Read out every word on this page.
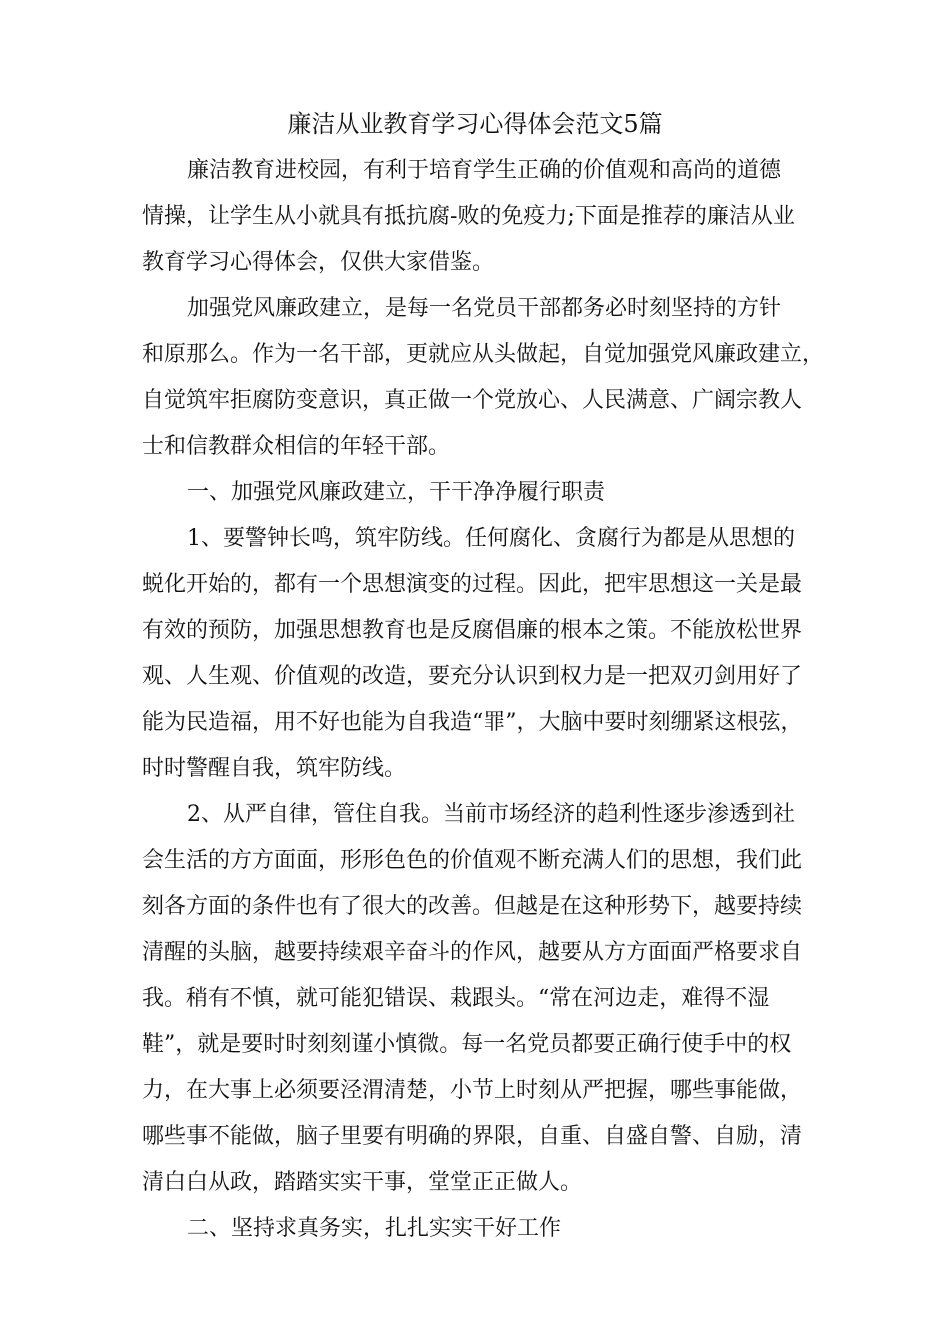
廉洁从业教育学习心得体会范文5篇
廉洁教育进校园，有利于培育学生正确的价值观和高尚的道德
情操，让学生从小就具有抵抗腐-败的免疫力;下面是推荐的廉洁从业
教育学习心得体会，仅供大家借鉴。
加强党风廉政建立，是每一名党员干部都务必时刻坚持的方针
和原那么。作为一名干部，更就应从头做起，自觉加强党风廉政建立，
自觉筑牢拒腐防变意识，真正做一个党放心、人民满意、广阔宗教人
士和信教群众相信的年轻干部。
一、加强党风廉政建立，干干净净履行职责
1、要警钟长鸣，筑牢防线。任何腐化、贪腐行为都是从思想的
蜕化开始的，都有一个思想演变的过程。因此，把牢思想这一关是最
有效的预防，加强思想教育也是反腐倡廉的根本之策。不能放松世界
观、人生观、价值观的改造，要充分认识到权力是一把双刃剑用好了
能为民造福，用不好也能为自我造“罪”，大脑中要时刻绷紧这根弦，
时时警醒自我，筑牢防线。
2、从严自律，管住自我。当前市场经济的趋利性逐步渗透到社
会生活的方方面面，形形色色的价值观不断充满人们的思想，我们此
刻各方面的条件也有了很大的改善。但越是在这种形势下，越要持续
清醒的头脑，越要持续艰辛奋斗的作风，越要从方方面面严格要求自
我。稍有不慎，就可能犯错误、栽跟头。“常在河边走，难得不湿
鞋”，就是要时时刻刻谨小慎微。每一名党员都要正确行使手中的权
力，在大事上必须要泾渭清楚，小节上时刻从严把握，哪些事能做，
哪些事不能做，脑子里要有明确的界限，自重、自盛自警、自励，清
清白白从政，踏踏实实干事，堂堂正正做人。
二、坚持求真务实，扎扎实实干好工作
